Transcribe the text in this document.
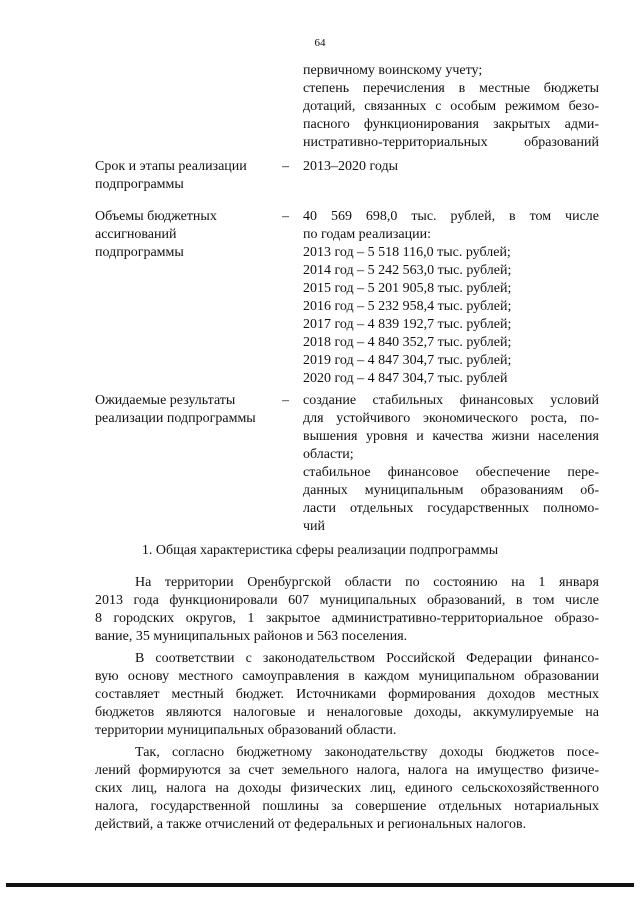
64
первичному воинскому учету;
степень перечисления в местные бюджеты
дотаций, связанных с особым режимом безо-
пасного функционирования закрытых адми-
нистративно-территориальных образований
Срок и этапы реализации
подпрограммы
– 2013–2020 годы
Объемы бюджетных
ассигнований
подпрограммы
– 40 569 698,0 тыс. рублей, в том числе
по годам реализации:
2013 год – 5 518 116,0 тыс. рублей;
2014 год – 5 242 563,0 тыс. рублей;
2015 год – 5 201 905,8 тыс. рублей;
2016 год – 5 232 958,4 тыс. рублей;
2017 год – 4 839 192,7 тыс. рублей;
2018 год – 4 840 352,7 тыс. рублей;
2019 год – 4 847 304,7 тыс. рублей;
2020 год – 4 847 304,7 тыс. рублей
Ожидаемые результаты
реализации подпрограммы
– создание стабильных финансовых условий
для устойчивого экономического роста, по-
вышения уровня и качества жизни населения
области;
стабильное финансовое обеспечение пере-
данных муниципальным образованиям об-
ласти отдельных государственных полномо-
чий
1. Общая характеристика сферы реализации подпрограммы
На территории Оренбургской области по состоянию на 1 января
2013 года функционировали 607 муниципальных образований, в том числе
8 городских округов, 1 закрытое административно-территориальное образо-
вание, 35 муниципальных районов и 563 поселения.
В соответствии с законодательством Российской Федерации финансо-
вую основу местного самоуправления в каждом муниципальном образовании
составляет местный бюджет. Источниками формирования доходов местных
бюджетов являются налоговые и неналоговые доходы, аккумулируемые на
территории муниципальных образований области.
Так, согласно бюджетному законодательству доходы бюджетов посе-
лений формируются за счет земельного налога, налога на имущество физиче-
ских лиц, налога на доходы физических лиц, единого сельскохозяйственного
налога, государственной пошлины за совершение отдельных нотариальных
действий, а также отчислений от федеральных и региональных налогов.
